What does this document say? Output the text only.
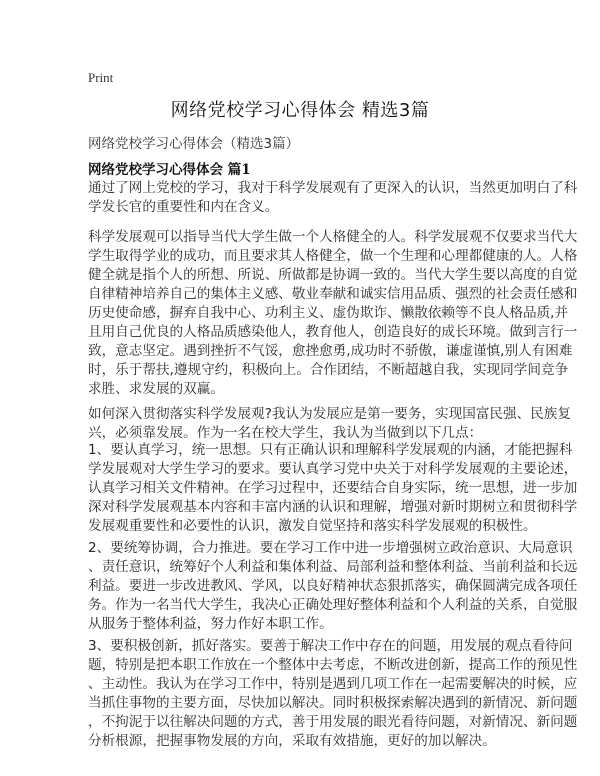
Print
网络党校学习心得体会 精选3篇
网络党校学习心得体会（精选3篇）
网络党校学习心得体会 篇1
通过了网上党校的学习，我对于科学发展观有了更深入的认识，当然更加明白了科
学发长官的重要性和内在含义。
科学发展观可以指导当代大学生做一个人格健全的人。科学发展观不仅要求当代大
学生取得学业的成功，而且要求其人格健全，做一个生理和心理都健康的人。人格
健全就是指个人的所想、所说、所做都是协调一致的。当代大学生要以高度的自觉
自律精神培养自己的集体主义感、敬业奉献和诚实信用品质、强烈的社会责任感和
历史使命感，摒弃自我中心、功利主义、虚伪欺诈、懒散依赖等不良人格品质,并
且用自己优良的人格品质感染他人，教育他人，创造良好的成长环境。做到言行一
致，意志坚定。遇到挫折不气馁，愈挫愈勇,成功时不骄傲，谦虚谨慎,别人有困难
时，乐于帮扶,遵规守约，积极向上。合作团结，不断超越自我，实现同学间竞争
求胜、求发展的双赢。
如何深入贯彻落实科学发展观?我认为发展应是第一要务，实现国富民强、民族复
兴，必须靠发展。作为一名在校大学生，我认为当做到以下几点：
1、要认真学习，统一思想。只有正确认识和理解科学发展观的内涵，才能把握科
学发展观对大学生学习的要求。要认真学习党中央关于对科学发展观的主要论述，
认真学习相关文件精神。在学习过程中，还要结合自身实际，统一思想，进一步加
深对科学发展观基本内容和丰富内涵的认识和理解，增强对新时期树立和贯彻科学
发展观重要性和必要性的认识，激发自觉坚持和落实科学发展观的积极性。
2、要统筹协调，合力推进。要在学习工作中进一步增强树立政治意识、大局意识
、责任意识，统筹好个人利益和集体利益、局部利益和整体利益、当前利益和长远
利益。要进一步改进教风、学风，以良好精神状态狠抓落实，确保圆满完成各项任
务。作为一名当代大学生，我决心正确处理好整体利益和个人利益的关系，自觉服
从服务于整体利益，努力作好本职工作。
3、要积极创新，抓好落实。要善于解决工作中存在的问题，用发展的观点看待问
题，特别是把本职工作放在一个整体中去考虑，不断改进创新，提高工作的预见性
、主动性。我认为在学习工作中，特别是遇到几项工作在一起需要解决的时候，应
当抓住事物的主要方面，尽快加以解决。同时积极探索解决遇到的新情况、新问题
，不拘泥于以往解决问题的方式，善于用发展的眼光看待问题，对新情况、新问题
分析根源，把握事物发展的方向，采取有效措施，更好的加以解决。
